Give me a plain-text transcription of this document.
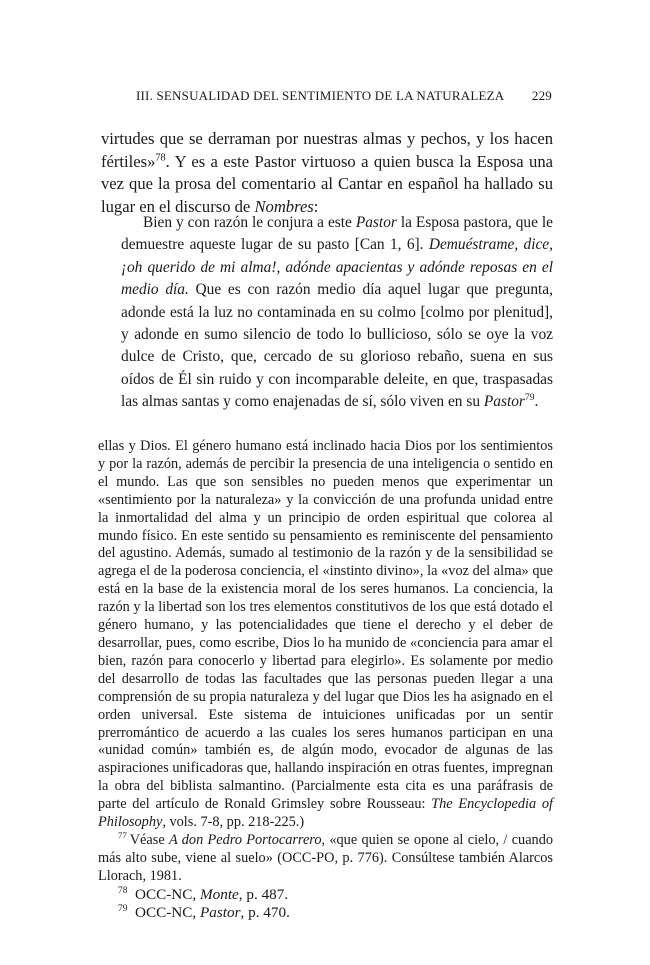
III. SENSUALIDAD DEL SENTIMIENTO DE LA NATURALEZA 229

virtudes que se derraman por nuestras almas y pechos, y los hacen fértiles»$^{78}$. Y es a este Pastor virtuoso a quien busca la Esposa una vez que la prosa del comentario al Cantar en español ha hallado su lugar en el discurso de Nombres:

Bien y con razón le conjura a este Pastor la Esposa pastora, que le demuestre aqueste lugar de su pasto [Can 1, 6]. Demuéstrame, dice, ¡oh querido de mi alma!, adónde apacientas y adónde reposas en el medio día. Que es con razón medio día aquel lugar que pregunta, adonde está la luz no contaminada en su colmo [colmo por plenitud], y adonde en sumo silencio de todo lo bullicioso, sólo se oye la voz dulce de Cristo, que, cercado de su glorioso rebaño, suena en sus oídos de Él sin ruido y con incomparable deleite, en que, traspasadas las almas santas y como enajenadas de sí, sólo viven en su Pastor$^{79}$.

ellas y Dios. El género humano está inclinado hacia Dios por los sentimientos y por la razón, además de percibir la presencia de una inteligencia o sentido en el mundo. Las que son sensibles no pueden menos que experimentar un «sentimiento por la naturaleza» y la convicción de una profunda unidad entre la inmortalidad del alma y un principio de orden espiritual que colorea al mundo físico. En este sentido su pensamiento es reminiscente del pensamiento del agustino. Además, sumado al testimonio de la razón y de la sensibilidad se agrega el de la poderosa conciencia, el «instinto divino», la «voz del alma» que está en la base de la existencia moral de los seres humanos. La conciencia, la razón y la libertad son los tres elementos constitutivos de los que está dotado el género humano, y las potencialidades que tiene el derecho y el deber de desarrollar, pues, como escribe, Dios lo ha munido de «conciencia para amar el bien, razón para conocerlo y libertad para elegirlo». Es solamente por medio del desarrollo de todas las facultades que las personas pueden llegar a una comprensión de su propia naturaleza y del lugar que Dios les ha asignado en el orden universal. Este sistema de intuiciones unificadas por un sentir prerromántico de acuerdo a las cuales los seres humanos participan en una «unidad común» también es, de algún modo, evocador de algunas de las aspiraciones unificadoras que, hallando inspiración en otras fuentes, impregnan la obra del biblista salmantino. (Parcialmente esta cita es una paráfrasis de parte del artículo de Ronald Grimsley sobre Rousseau: The Encyclopedia of Philosophy, vols. 7-8, pp. 218-225.)

$^{77}$  Véase A don Pedro Portocarrero, «que quien se opone al cielo, / cuando más alto sube, viene al suelo» (OCC-PO, p. 776). Consúltese también Alarcos Llorach, 1981.

$^{78}$  OCC-NC, Monte, p. 487.

$^{79}$  OCC-NC, Pastor, p. 470.
